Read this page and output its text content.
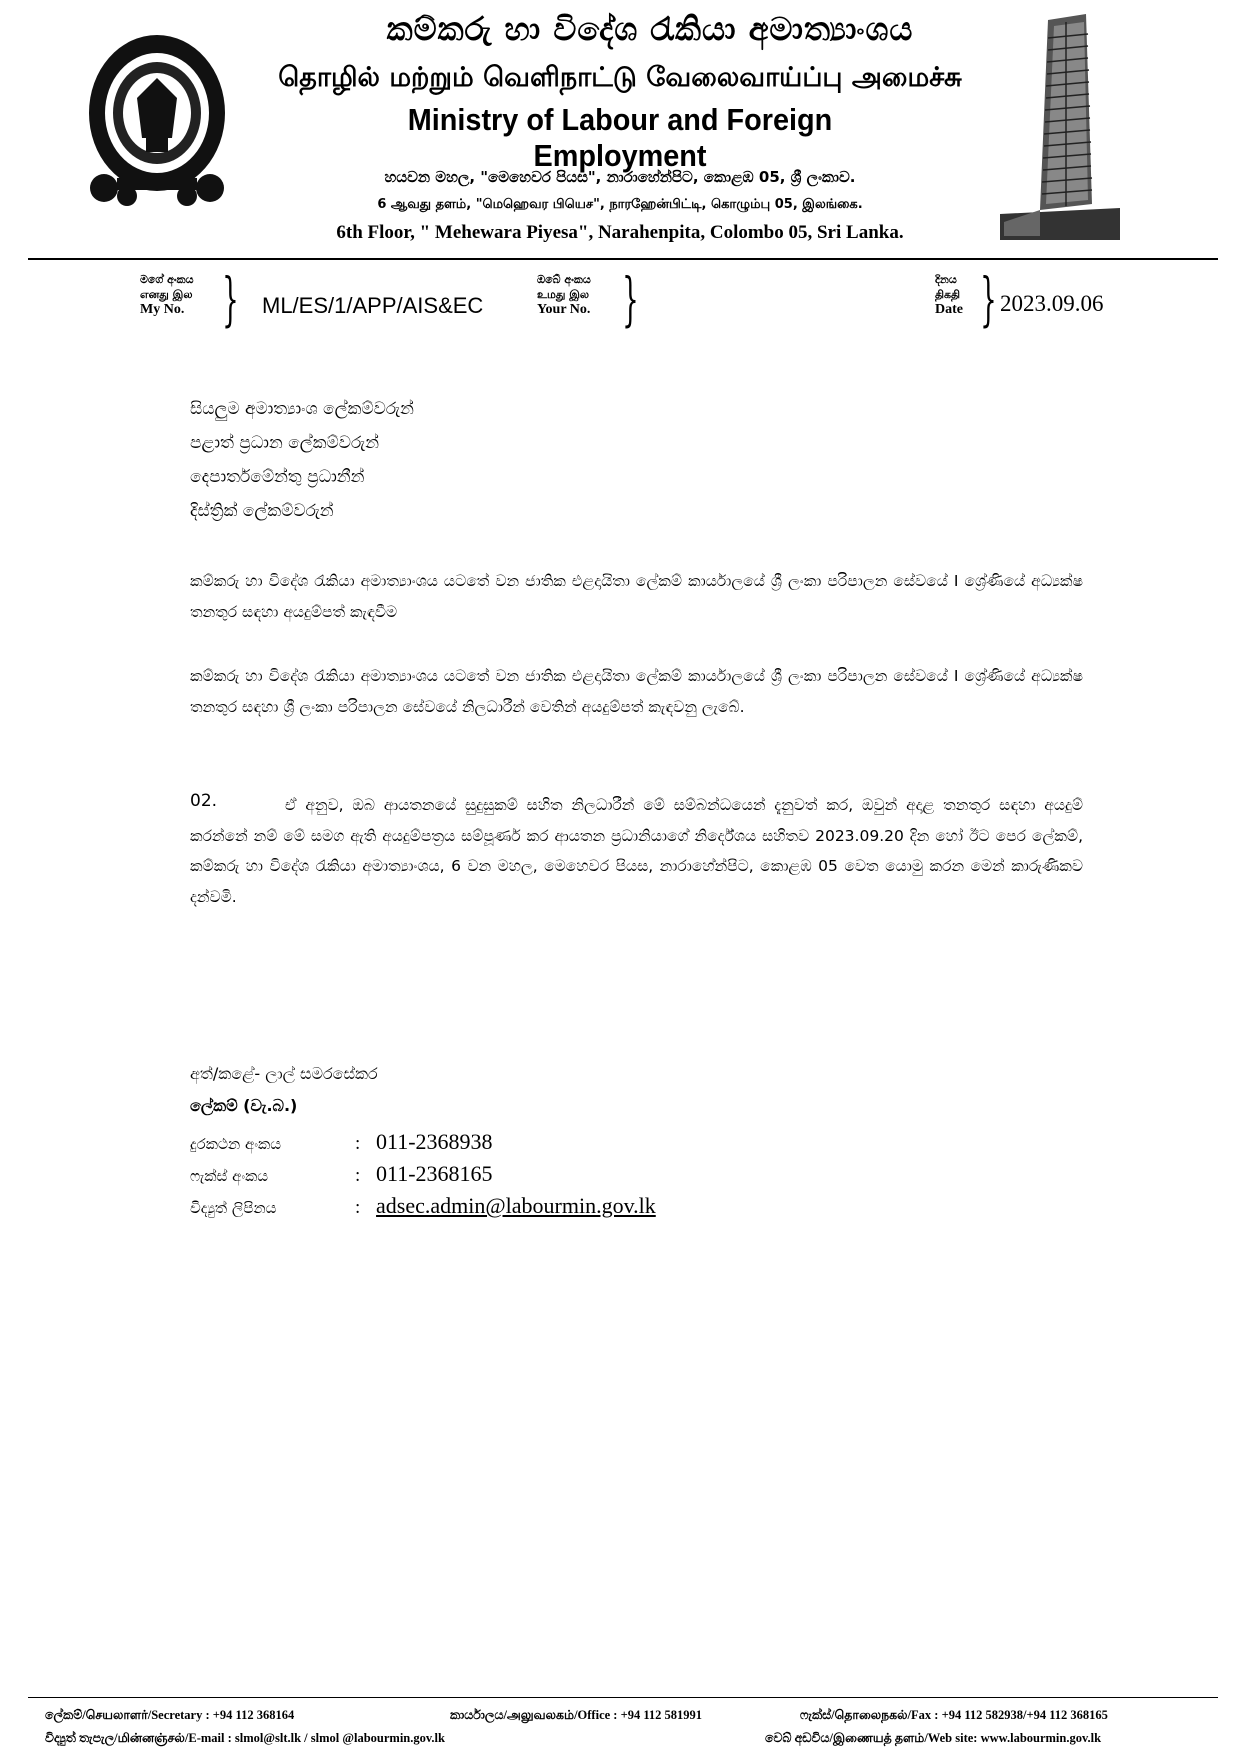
කම්කරු හා විදේශ රැකියා අමාත්‍යාංශය
தொழில் மற்றும் வெளிநாட்டு வேலைவாய்ப்பு அமைச்சு
Ministry of Labour and Foreign Employment
හයවන මහල, "මෙහෙවර පියස", නාරාහේන්පිට, කොළඹ 05, ශ්‍රී ලංකාව.
6 ஆவது தளம், "மெஹெவர பியெச", நாரஹேன்பிட்டி, கொழும்பு 05, இலங்கை.
6th Floor, " Mehewara Piyesa", Narahenpita, Colombo 05, Sri Lanka.
මගේ අංකය
எனது இல
My No. } ML/ES/1/APP/AIS&EC
ඔබේ අංකය
உமது இல
Your No. }	දිනය
திகதி
Date } 2023.09.06
සියලුම අමාත්‍යාංශ ලේකම්වරුන්
පළාත් ප්‍රධාන ලේකම්වරුන්
දෙපාර්තමේන්තු ප්‍රධානීන්
දිස්ත්‍රික් ලේකම්වරුන්
කම්කරු හා විදේශ රැකියා අමාත්‍යාංශය යටතේ වන ජාතික එළදායිතා ලේකම් කාර්යාලයේ ශ්‍රී ලංකා පරිපාලන සේවයේ I ශ්‍රේණියේ අධ්‍යක්ෂ තනතුර සඳහා අයදුම්පත් කැඳවීම
කම්කරු හා විදේශ රැකියා අමාත්‍යාංශය යටතේ වන ජාතික එළදායිතා ලේකම් කාර්යාලයේ ශ්‍රී ලංකා පරිපාලන සේවයේ I ශ්‍රේණියේ අධ්‍යක්ෂ තනතුර සඳහා ශ්‍රී ලංකා පරිපාලන සේවයේ නිලධාරීන් වෙතින් අයදුම්පත් කැඳවනු ලැබේ.
02.	ඒ අනුව, ඔබ ආයතනයේ සුදුසුකම් සහිත නිලධාරීන් මේ සම්බන්ධයෙන් දැනුවත් කර, ඔවුන් අදාළ තනතුර සඳහා අයදුම් කරන්නේ නම් මේ සමග ඇති අයදුම්පත්‍රය සම්පූර්ණ කර ආයතන ප්‍රධානියාගේ නිර්දේශය සහිතව 2023.09.20 දින හෝ ඊට පෙර ලේකම්, කම්කරු හා විදේශ රැකියා අමාත්‍යාංශය, 6 වන මහල, මෙහෙවර පියස, නාරාහේන්පිට, කොළඹ 05 වෙත යොමු කරන මෙන් කාරුණිකව දන්වමි.
අත්/කළේ- ලාල් සමරසේකර
ලේකම් (වැ.බ.)
දුරකථන අංකය	: 011-2368938
ෆැක්ස් අංකය	: 011-2368165
විද්‍යුත් ලිපිනය	: adsec.admin@labourmin.gov.lk
ලේකම්/செயலாளர்/Secretary : +94 112 368164	කාර්යාලය/அலுவலகம்/Office : +94 112 581991	ෆැක්ස්/தொலைநகல்/Fax : +94 112 582938/+94 112 368165
විද්‍යුත් තැපැල/மின்னஞ்சல்/E-mail : slmol@slt.lk / slmol @labourmin.gov.lk	වෙබ් අඩවිය/இணையத் தளம்/Web site: www.labourmin.gov.lk
